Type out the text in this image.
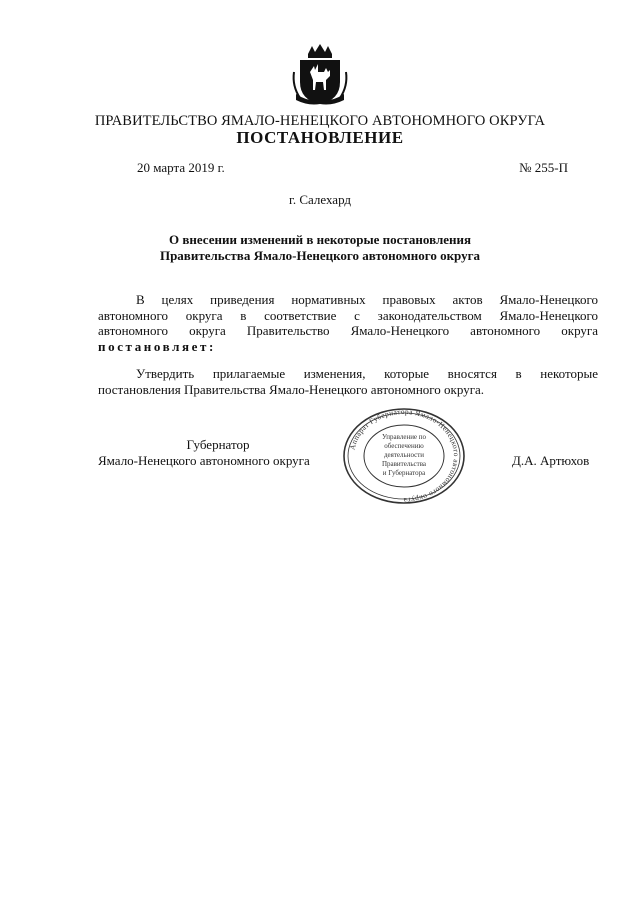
ПРАВИТЕЛЬСТВО ЯМАЛО-НЕНЕЦКОГО АВТОНОМНОГО ОКРУГА
ПОСТАНОВЛЕНИЕ
20 марта 2019 г.	№ 255-П
г. Салехард
О внесении изменений в некоторые постановления
Правительства Ямало-Ненецкого автономного округа
В целях приведения нормативных правовых актов Ямало-Ненецкого
автономного округа в соответствие с законодательством Ямало-Ненецкого
автономного округа Правительство Ямало-Ненецкого автономного округа
постановляет:
Утвердить прилагаемые изменения, которые вносятся в некоторые
постановления Правительства Ямало-Ненецкого автономного округа.
Губернатор
Ямало-Ненецкого автономного округа
Аппарат Губернатора Ямало-Ненецкого автономного округа
Управление по
обеспечению
деятельности
Правительства
и Губернатора
Д.А. Артюхов
